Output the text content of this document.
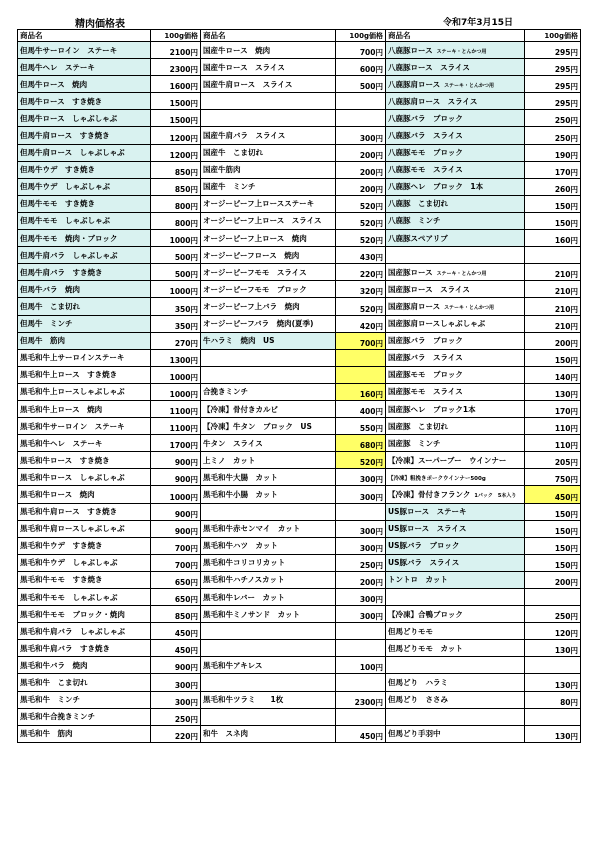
精肉価格表	令和7年3月15日
商品名	100g価格	商品名	100g価格	商品名	100g価格
但馬牛サーロイン　ステーキ	2100円	国産牛ロース　焼肉	700円	八鹿豚ロース ステーキ・とんかつ用	295円
但馬牛ヘレ　ステーキ	2300円	国産牛ロース　スライス	600円	八鹿豚ロース　スライス	295円
但馬牛ロース　焼肉	1600円	国産牛肩ロース　スライス	500円	八鹿豚肩ロース ステーキ・とんかつ用	295円
但馬牛ロース　すき焼き	1500円			八鹿豚肩ロース　スライス	295円
但馬牛ロース　しゃぶしゃぶ	1500円			八鹿豚バラ　ブロック	250円
但馬牛肩ロース　すき焼き	1200円	国産牛肩バラ　スライス	300円	八鹿豚バラ　スライス	250円
但馬牛肩ロース　しゃぶしゃぶ	1200円	国産牛　こま切れ	200円	八鹿豚モモ　ブロック	190円
但馬牛ウデ　すき焼き	850円	国産牛筋肉	200円	八鹿豚モモ　スライス	170円
但馬牛ウデ　しゃぶしゃぶ	850円	国産牛　ミンチ	200円	八鹿豚ヘレ　ブロック　1本	260円
但馬牛モモ　すき焼き	800円	オージービーフ上ロースステーキ	520円	八鹿豚　こま切れ	150円
但馬牛モモ　しゃぶしゃぶ	800円	オージービーフ上ロース　スライス	520円	八鹿豚　ミンチ	150円
但馬牛モモ　焼肉・ブロック	1000円	オージービーフ上ロース　焼肉	520円	八鹿豚スペアリブ	160円
但馬牛肩バラ　しゃぶしゃぶ	500円	オージービーフロース　焼肉	430円		
但馬牛肩バラ　すき焼き	500円	オージービーフモモ　スライス	220円	国産豚ロース ステーキ・とんかつ用	210円
但馬牛バラ　焼肉	1000円	オージービーフモモ　ブロック	320円	国産豚ロース　スライス	210円
但馬牛　こま切れ	350円	オージービーフ上バラ　焼肉	520円	国産豚肩ロース ステーキ・とんかつ用	210円
但馬牛　ミンチ	350円	オージービーフバラ　焼肉(夏季)	420円	国産豚肩ロースしゃぶしゃぶ	210円
但馬牛　筋肉	270円	牛ハラミ　焼肉　US	700円	国産豚バラ　ブロック	200円
黒毛和牛上サーロインステーキ	1300円			国産豚バラ　スライス	150円
黒毛和牛上ロース　すき焼き	1000円			国産豚モモ　ブロック	140円
黒毛和牛上ロースしゃぶしゃぶ	1000円	合挽きミンチ	160円	国産豚モモ　スライス	130円
黒毛和牛上ロース　焼肉	1100円	【冷凍】骨付きカルビ	400円	国産豚ヘレ　ブロック1本	170円
黒毛和牛サーロイン　ステーキ	1100円	【冷凍】牛タン　ブロック　US	550円	国産豚　こま切れ	110円
黒毛和牛ヘレ　ステーキ	1700円	牛タン　スライス	680円	国産豚　ミンチ	110円
黒毛和牛ロース　すき焼き	900円	上ミノ　カット	520円	【冷凍】スーパーブー　ウインナー	205円
黒毛和牛ロース　しゃぶしゃぶ	900円	黒毛和牛大腸　カット	300円	【冷凍】粗挽きポークウインナー500g	750円
黒毛和牛ロース　焼肉	1000円	黒毛和牛小腸　カット	300円	【冷凍】骨付きフランク 1パック　5本入り	450円
黒毛和牛肩ロース　すき焼き	900円			US豚ロース　ステーキ	150円
黒毛和牛肩ロースしゃぶしゃぶ	900円	黒毛和牛赤センマイ　カット	300円	US豚ロース　スライス	150円
黒毛和牛ウデ　すき焼き	700円	黒毛和牛ハツ　カット	300円	US豚バラ　ブロック	150円
黒毛和牛ウデ　しゃぶしゃぶ	700円	黒毛和牛コリコリカット	250円	US豚バラ　スライス	150円
黒毛和牛モモ　すき焼き	650円	黒毛和牛ハチノスカット	200円	トントロ　カット	200円
黒毛和牛モモ　しゃぶしゃぶ	650円	黒毛和牛レバー　カット	300円		
黒毛和牛モモ　ブロック・焼肉	850円	黒毛和牛ミノサンド　カット	300円	【冷凍】合鴨ブロック	250円
黒毛和牛肩バラ　しゃぶしゃぶ	450円			但馬どりモモ	120円
黒毛和牛肩バラ　すき焼き	450円			但馬どりモモ　カット	130円
黒毛和牛バラ　焼肉	900円	黒毛和牛アキレス	100円		
黒毛和牛　こま切れ	300円			但馬どり　ハラミ	130円
黒毛和牛　ミンチ	300円	黒毛和牛ツラミ　　1枚	2300円	但馬どり　ささみ	80円
黒毛和牛合挽きミンチ	250円				
黒毛和牛　筋肉	220円	和牛　スネ肉	450円	但馬どり手羽中	130円
